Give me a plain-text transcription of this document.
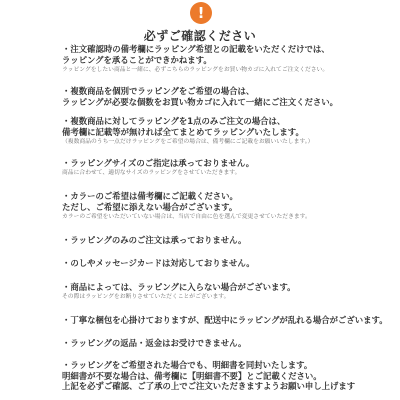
!
必ずご確認ください
・注文確認時の備考欄にラッピング希望との記載をいただくだけでは、
ラッピングを承ることができかねます。
ラッピングをしたい商品と一緒に、必ずこちらのラッピングをお買い物カゴに入れてご注文ください。
・複数商品を個別でラッピングをご希望の場合は、
ラッピングが必要な個数をお買い物カゴに入れて一緒にご注文ください。
・複数商品に対してラッピングを1点のみご注文の場合は、
備考欄に記載等が無ければ全てまとめてラッピングいたします。
（複数商品のうち一点だけラッピングをご希望の場合は、備考欄にご記載をお願いいたします。）
・ラッピングサイズのご指定は承っておりません。
商品に合わせて、適切なサイズのラッピングをさせていただきます。
・カラーのご希望は備考欄にご記載ください。
ただし、ご希望に添えない場合がございます。
カラーのご希望をいただいていない場合は、当店で自由に色を選んで変更させていただきます。
・ラッピングのみのご注文は承っておりません。
・のしやメッセージカードは対応しておりません。
・商品によっては、ラッピングに入らない場合がございます。
その際はラッピングをお断りさせていただくことがございます。
・丁寧な梱包を心掛けておりますが、配送中にラッピングが乱れる場合がございます。
・ラッピングの返品・返金はお受けできません。
・ラッピングをご希望された場合でも、明細書を同封いたします。
明細書が不要な場合は、備考欄に【明細書不要】とご記載ください。

上記を必ずご確認、ご了承の上でご注文いただきますようお願い申し上げます
